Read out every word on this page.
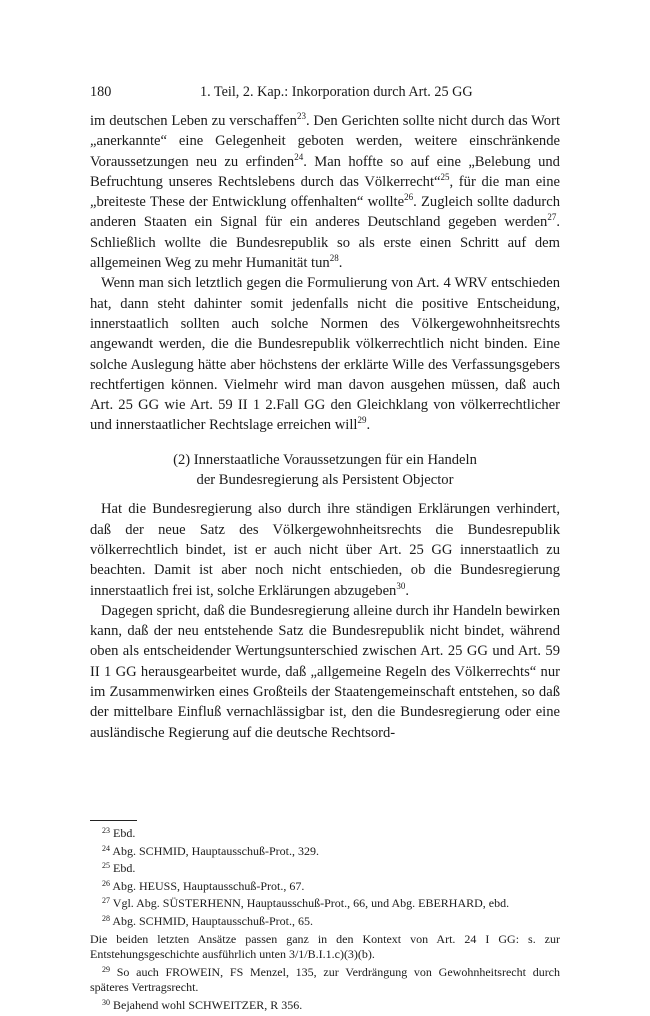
180	1. Teil, 2. Kap.: Inkorporation durch Art. 25 GG

im deutschen Leben zu verschaffen$^{23}$. Den Gerichten sollte nicht durch das Wort „anerkannte“ eine Gelegenheit geboten werden, weitere einschränkende Voraussetzungen neu zu erfinden$^{24}$. Man hoffte so auf eine „Belebung und Befruchtung unseres Rechtslebens durch das Völkerrecht“$^{25}$, für die man eine „breiteste These der Entwicklung offenhalten“ wollte$^{26}$. Zugleich sollte dadurch anderen Staaten ein Signal für ein anderes Deutschland gegeben werden$^{27}$. Schließlich wollte die Bundesrepublik so als erste einen Schritt auf dem allgemeinen Weg zu mehr Humanität tun$^{28}$.

Wenn man sich letztlich gegen die Formulierung von Art. 4 WRV entschieden hat, dann steht dahinter somit jedenfalls nicht die positive Entscheidung, innerstaatlich sollten auch solche Normen des Völkergewohnheitsrechts angewandt werden, die die Bundesrepublik völkerrechtlich nicht binden. Eine solche Auslegung hätte aber höchstens der erklärte Wille des Verfassungsgebers rechtfertigen können. Vielmehr wird man davon ausgehen müssen, daß auch Art. 25 GG wie Art. 59 II 1 2.Fall GG den Gleichklang von völkerrechtlicher und innerstaatlicher Rechtslage erreichen will$^{29}$.

(2) Innerstaatliche Voraussetzungen für ein Handeln
der Bundesregierung als Persistent Objector

Hat die Bundesregierung also durch ihre ständigen Erklärungen verhindert, daß der neue Satz des Völkergewohnheitsrechts die Bundesrepublik völkerrechtlich bindet, ist er auch nicht über Art. 25 GG innerstaatlich zu beachten. Damit ist aber noch nicht entschieden, ob die Bundesregierung innerstaatlich frei ist, solche Erklärungen abzugeben$^{30}$.

Dagegen spricht, daß die Bundesregierung alleine durch ihr Handeln bewirken kann, daß der neu entstehende Satz die Bundesrepublik nicht bindet, während oben als entscheidender Wertungsunterschied zwischen Art. 25 GG und Art. 59 II 1 GG herausgearbeitet wurde, daß „allgemeine Regeln des Völkerrechts“ nur im Zusammenwirken eines Großteils der Staatengemeinschaft entstehen, so daß der mittelbare Einfluß vernachlässigbar ist, den die Bundesregierung oder eine ausländische Regierung auf die deutsche Rechtsord-

$^{23}$ Ebd.

$^{24}$ Abg. SCHMID, Hauptausschuß-Prot., 329.

$^{25}$ Ebd.

$^{26}$ Abg. HEUSS, Hauptausschuß-Prot., 67.

$^{27}$ Vgl. Abg. SÜSTERHENN, Hauptausschuß-Prot., 66, und Abg. EBERHARD, ebd.

$^{28}$ Abg. SCHMID, Hauptausschuß-Prot., 65.

Die beiden letzten Ansätze passen ganz in den Kontext von Art. 24 I GG: s. zur Entstehungsgeschichte ausführlich unten 3/1/B.I.1.c)(3)(b).

$^{29}$ So auch FROWEIN, FS Menzel, 135, zur Verdrängung von Gewohnheitsrecht durch späteres Vertragsrecht.

$^{30}$ Bejahend wohl SCHWEITZER, R 356.
